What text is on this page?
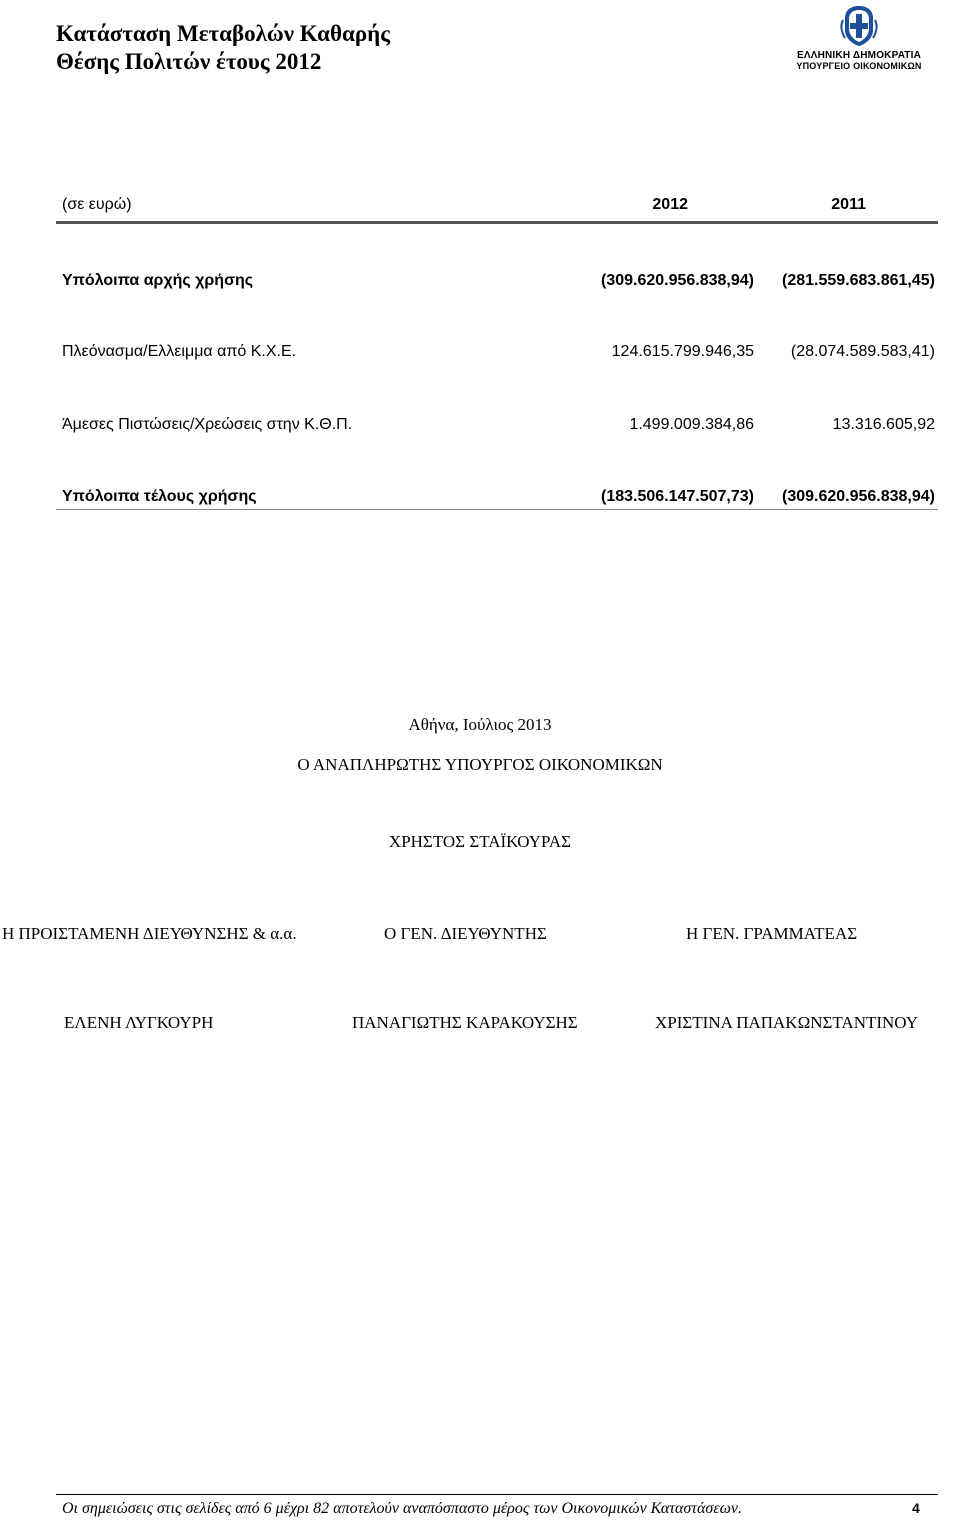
Κατάσταση Μεταβολών Καθαρής
Θέσης Πολιτών έτους 2012	ΕΛΛΗΝΙΚΗ ΔΗΜΟΚΡΑΤΙΑ
ΥΠΟΥΡΓΕΙΟ ΟΙΚΟΝΟΜΙΚΩΝ
(σε ευρώ)	2012	2011
Υπόλοιπα αρχής χρήσης	(309.620.956.838,94) (281.559.683.861,45)
Πλεόνασμα/Ελλειμμα από Κ.Χ.Ε.	124.615.799.946,35 (28.074.589.583,41)
Άμεσες Πιστώσεις/Χρεώσεις στην Κ.Θ.Π.	1.499.009.384,86	13.316.605,92
Υπόλοιπα τέλους χρήσης	(183.506.147.507,73) (309.620.956.838,94)
Αθήνα, Ιούλιος 2013
Ο ΑΝΑΠΛΗΡΩΤΗΣ ΥΠΟΥΡΓΟΣ ΟΙΚΟΝΟΜΙΚΩΝ
ΧΡΗΣΤΟΣ ΣΤΑΪΚΟΥΡΑΣ
Η ΠΡΟΙΣΤΑΜΕΝΗ ΔΙΕΥΘΥΝΣΗΣ & α.α.	Ο ΓΕΝ. ΔΙΕΥΘΥΝΤΗΣ	Η ΓΕΝ. ΓΡΑΜΜΑΤΕΑΣ
ΕΛΕΝΗ ΛΥΓΚΟΥΡΗ	ΠΑΝΑΓΙΩΤΗΣ ΚΑΡΑΚΟΥΣΗΣ	ΧΡΙΣΤΙΝΑ ΠΑΠΑΚΩΝΣΤΑΝΤΙΝΟΥ
Οι σημειώσεις στις σελίδες από 6 μέχρι 82 αποτελούν αναπόσπαστο μέρος των Οικονομικών Καταστάσεων.	4
